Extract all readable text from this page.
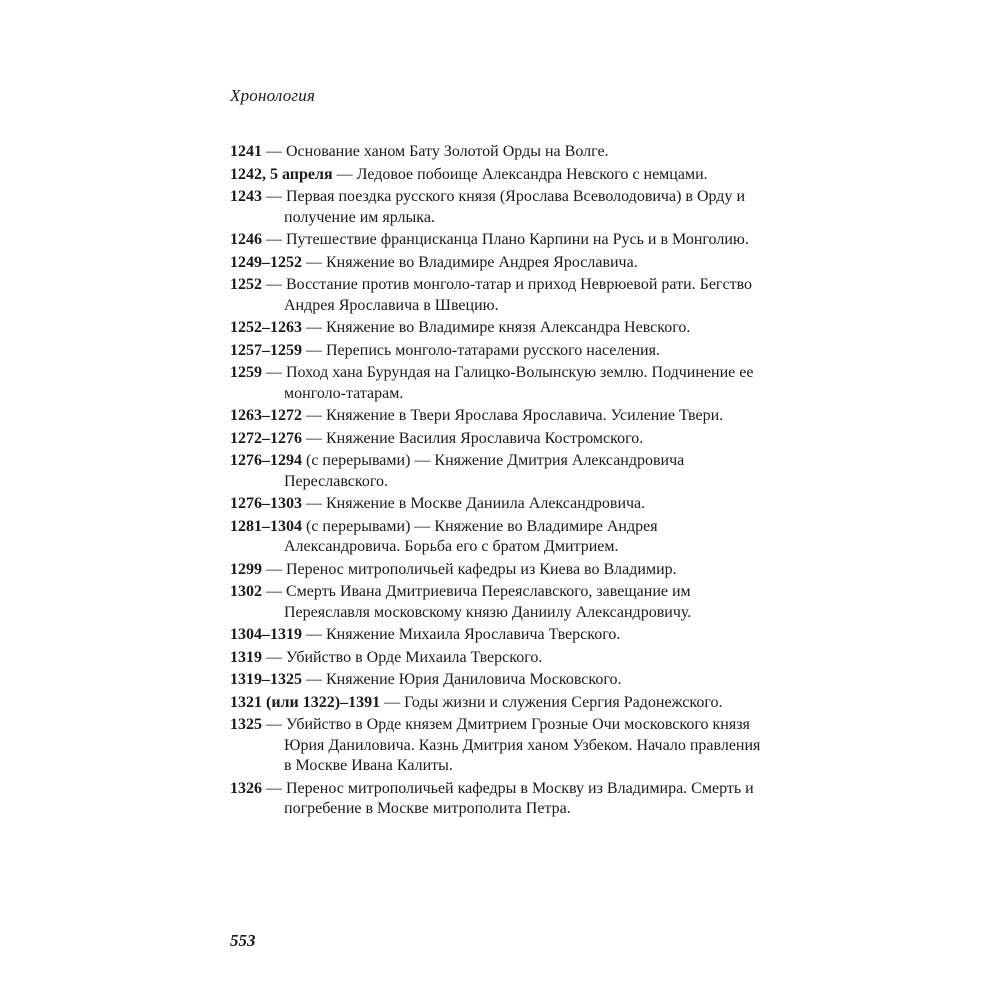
Хронология
1241 — Основание ханом Бату Золотой Орды на Волге.
1242, 5 апреля — Ледовое побоище Александра Невского с немцами.
1243 — Первая поездка русского князя (Ярослава Всеволодовича) в Орду и получение им ярлыка.
1246 — Путешествие францисканца Плано Карпини на Русь и в Монголию.
1249–1252 — Княжение во Владимире Андрея Ярославича.
1252 — Восстание против монголо-татар и приход Неврюевой рати. Бегство Андрея Ярославича в Швецию.
1252–1263 — Княжение во Владимире князя Александра Невского.
1257–1259 — Перепись монголо-татарами русского населения.
1259 — Поход хана Бурундая на Галицко-Волынскую землю. Подчинение ее монголо-татарам.
1263–1272 — Княжение в Твери Ярослава Ярославича. Усиление Твери.
1272–1276 — Княжение Василия Ярославича Костромского.
1276–1294 (с перерывами) — Княжение Дмитрия Александровича Переславского.
1276–1303 — Княжение в Москве Даниила Александровича.
1281–1304 (с перерывами) — Княжение во Владимире Андрея Александровича. Борьба его с братом Дмитрием.
1299 — Перенос митрополичьей кафедры из Киева во Владимир.
1302 — Смерть Ивана Дмитриевича Переяславского, завещание им Переяславля московскому князю Даниилу Александровичу.
1304–1319 — Княжение Михаила Ярославича Тверского.
1319 — Убийство в Орде Михаила Тверского.
1319–1325 — Княжение Юрия Даниловича Московского.
1321 (или 1322)–1391 — Годы жизни и служения Сергия Радонежского.
1325 — Убийство в Орде князем Дмитрием Грозные Очи московского князя Юрия Даниловича. Казнь Дмитрия ханом Узбеком. Начало правления в Москве Ивана Калиты.
1326 — Перенос митрополичьей кафедры в Москву из Владимира. Смерть и погребение в Москве митрополита Петра.
553
